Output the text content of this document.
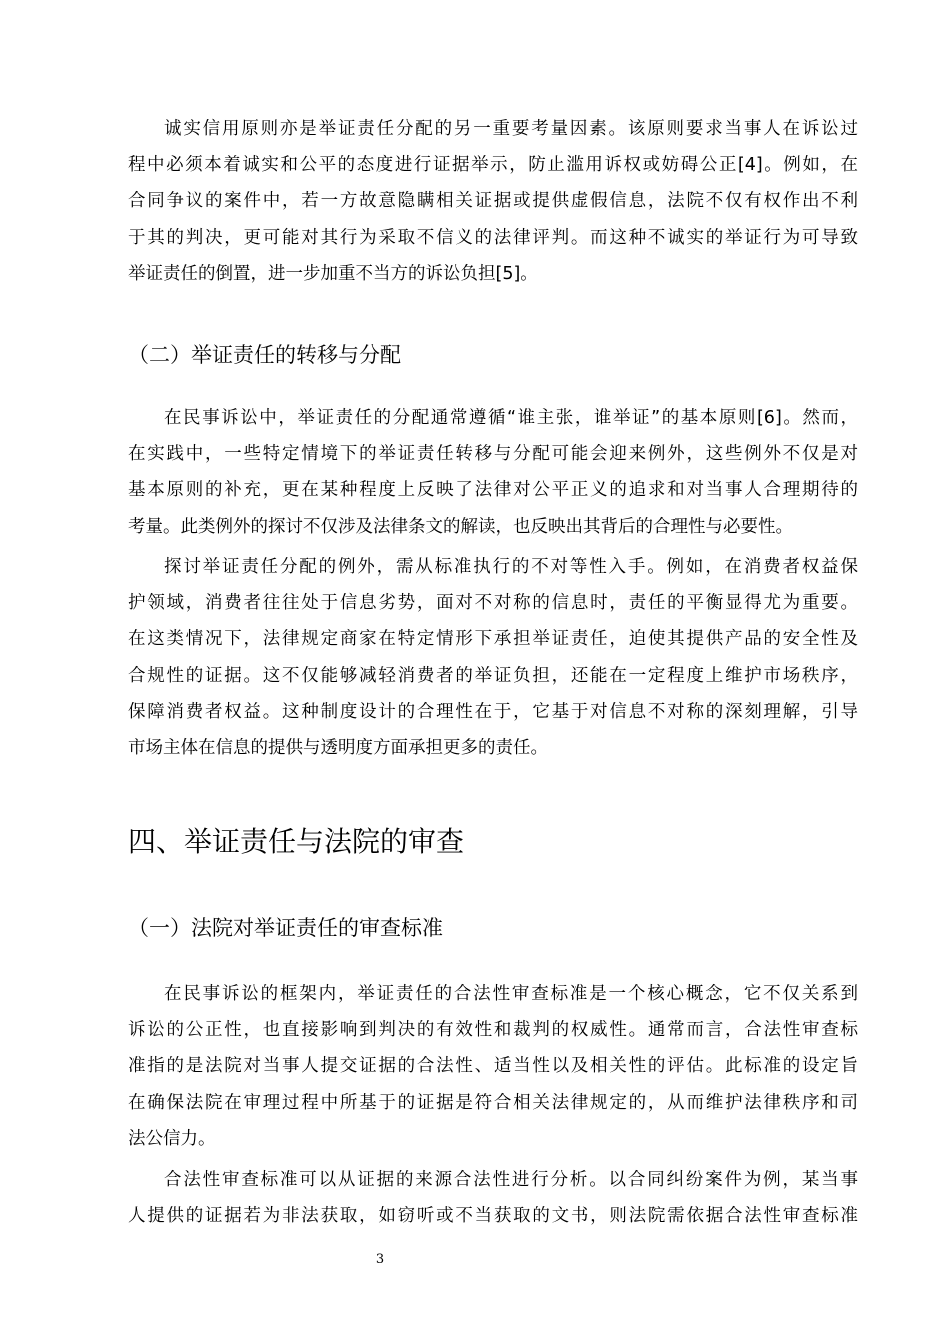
诚实信用原则亦是举证责任分配的另一重要考量因素。该原则要求当事人在诉讼过
程中必须本着诚实和公平的态度进行证据举示，防止滥用诉权或妨碍公正[4]。例如，在
合同争议的案件中，若一方故意隐瞒相关证据或提供虚假信息，法院不仅有权作出不利
于其的判决，更可能对其行为采取不信义的法律评判。而这种不诚实的举证行为可导致
举证责任的倒置，进一步加重不当方的诉讼负担[5]。
（二）举证责任的转移与分配
在民事诉讼中，举证责任的分配通常遵循“谁主张，谁举证”的基本原则[6]。然而，
在实践中，一些特定情境下的举证责任转移与分配可能会迎来例外，这些例外不仅是对
基本原则的补充，更在某种程度上反映了法律对公平正义的追求和对当事人合理期待的
考量。此类例外的探讨不仅涉及法律条文的解读，也反映出其背后的合理性与必要性。
探讨举证责任分配的例外，需从标准执行的不对等性入手。例如，在消费者权益保
护领域，消费者往往处于信息劣势，面对不对称的信息时，责任的平衡显得尤为重要。
在这类情况下，法律规定商家在特定情形下承担举证责任，迫使其提供产品的安全性及
合规性的证据。这不仅能够减轻消费者的举证负担，还能在一定程度上维护市场秩序，
保障消费者权益。这种制度设计的合理性在于，它基于对信息不对称的深刻理解，引导
市场主体在信息的提供与透明度方面承担更多的责任。
四、举证责任与法院的审查
（一）法院对举证责任的审查标准
在民事诉讼的框架内，举证责任的合法性审查标准是一个核心概念，它不仅关系到
诉讼的公正性，也直接影响到判决的有效性和裁判的权威性。通常而言，合法性审查标
准指的是法院对当事人提交证据的合法性、适当性以及相关性的评估。此标准的设定旨
在确保法院在审理过程中所基于的证据是符合相关法律规定的，从而维护法律秩序和司
法公信力。
合法性审查标准可以从证据的来源合法性进行分析。以合同纠纷案件为例，某当事
人提供的证据若为非法获取，如窃听或不当获取的文书，则法院需依据合法性审查标准
3
